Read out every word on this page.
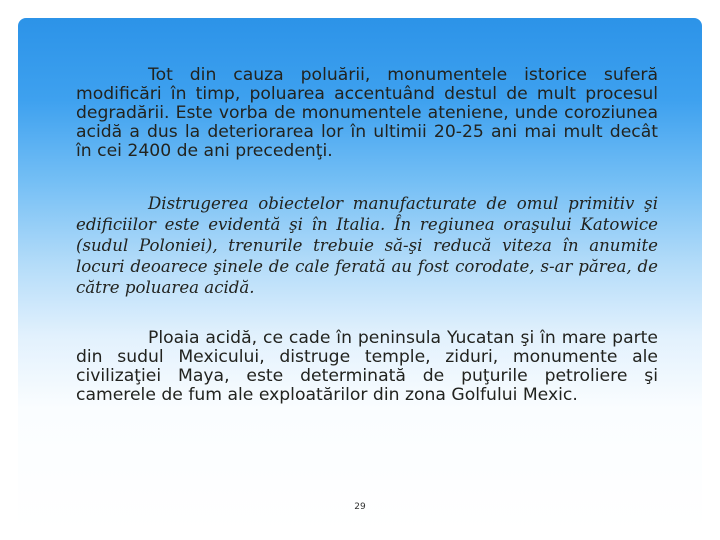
Tot din cauza poluării, monumentele istorice suferă modificări în timp, poluarea accentuând destul de mult procesul degradării. Este vorba de monumentele ateniene, unde coroziunea acidă a dus la deteriorarea lor în ultimii 20-25 ani mai mult decât în cei 2400 de ani precedenţi.

Distrugerea obiectelor manufacturate de omul primitiv şi edificiilor este evidentă şi în Italia. În regiunea oraşului Katowice (sudul Poloniei), trenurile trebuie să-şi reducă viteza în anumite locuri deoarece şinele de cale ferată au fost corodate, s-ar părea, de către poluarea acidă.

Ploaia acidă, ce cade în peninsula Yucatan şi în mare parte din sudul Mexicului, distruge temple, ziduri, monumente ale civilizaţiei Maya, este determinată de puţurile petroliere şi camerele de fum ale exploatărilor din zona Golfului Mexic.

29
